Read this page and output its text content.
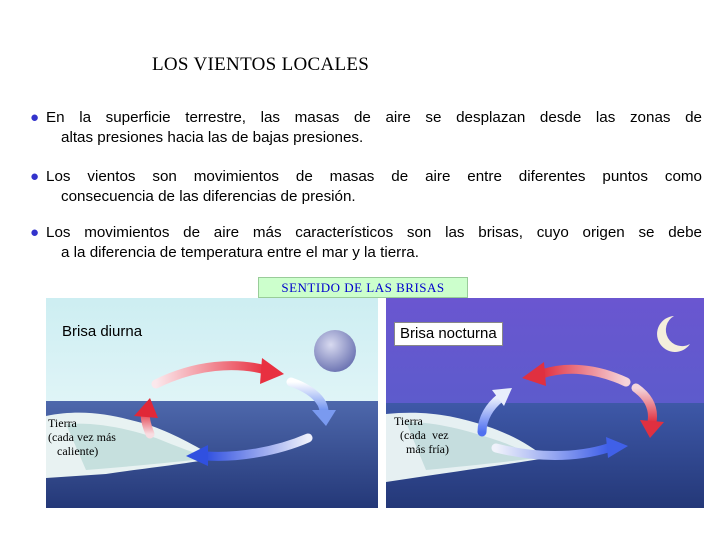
LOS VIENTOS LOCALES
● En la superficie terrestre, las masas de aire se desplazan desde las zonas de
altas presiones hacia las de bajas presiones.
● Los vientos son movimientos de masas de aire entre diferentes puntos como
consecuencia de las diferencias de presión.
● Los movimientos de aire más característicos son las brisas, cuyo origen se debe
a la diferencia de temperatura entre el mar y la tierra.
SENTIDO DE LAS BRISAS
Brisa diurna
Tierra
(cada vez más
caliente)
Brisa nocturna
Tierra
(cada  vez
más fría)
